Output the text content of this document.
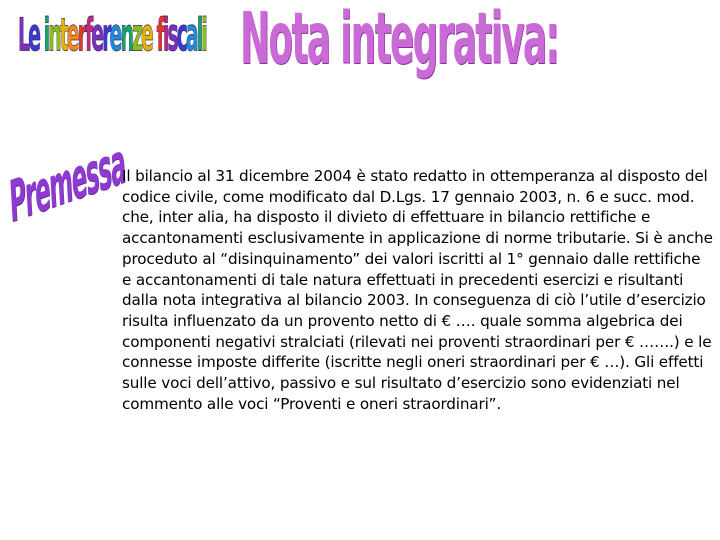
Le interferenze fiscali Nota integrativa:
Premessa

Il bilancio al 31 dicembre 2004 è stato redatto in ottemperanza al disposto del codice civile, come modificato dal D.Lgs. 17 gennaio 2003, n. 6 e succ. mod. che, inter alia, ha disposto il divieto di effettuare in bilancio rettifiche e accantonamenti esclusivamente in applicazione di norme tributarie. Si è anche proceduto al “disinquinamento” dei valori iscritti al 1° gennaio dalle rettifiche e accantonamenti di tale natura effettuati in precedenti esercizi e risultanti dalla nota integrativa al bilancio 2003. In conseguenza di ciò l’utile d’esercizio risulta influenzato da un provento netto di € …. quale somma algebrica dei componenti negativi stralciati (rilevati nei proventi straordinari per € …….) e le connesse imposte differite (iscritte negli oneri straordinari per € …). Gli effetti sulle voci dell’attivo, passivo e sul risultato d’esercizio sono evidenziati nel commento alle voci “Proventi e oneri straordinari”.
